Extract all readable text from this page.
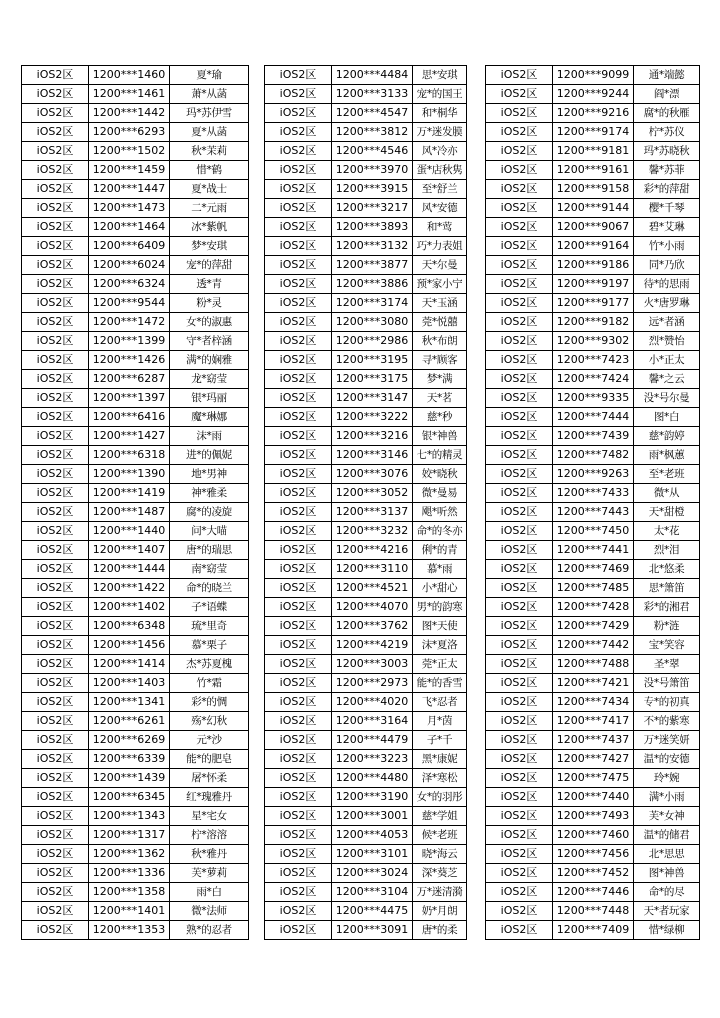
iOS2区	1200***1460	夏*瑜
iOS2区	1200***1461	萧*从菡
iOS2区	1200***1442	玛*苏伊雪
iOS2区	1200***6293	夏*从菡
iOS2区	1200***1502	秋*茉莉
iOS2区	1200***1459	惜*鹤
iOS2区	1200***1447	夏*战士
iOS2区	1200***1473	二*元雨
iOS2区	1200***1464	冰*紫帆
iOS2区	1200***6409	梦*安琪
iOS2区	1200***6024	宠*的萍甜
iOS2区	1200***6324	透*青
iOS2区	1200***9544	粉*灵
iOS2区	1200***1472	女*的淑惠
iOS2区	1200***1399	守*者梓涵
iOS2区	1200***1426	满*的娴雅
iOS2区	1200***6287	龙*窈莹
iOS2区	1200***1397	银*玛丽
iOS2区	1200***6416	魔*琳娜
iOS2区	1200***1427	沫*雨
iOS2区	1200***6318	进*的佩妮
iOS2区	1200***1390	地*男神
iOS2区	1200***1419	神*雅柔
iOS2区	1200***1487	腐*的凌旋
iOS2区	1200***1440	问*大喵
iOS2区	1200***1407	唐*的瑞思
iOS2区	1200***1444	南*窈莹
iOS2区	1200***1422	命*的晓兰
iOS2区	1200***1402	子*语蝶
iOS2区	1200***6348	琉*里奇
iOS2区	1200***1456	慕*栗子
iOS2区	1200***1414	杰*苏夏槐
iOS2区	1200***1403	竹*霜
iOS2区	1200***1341	彩*的惆
iOS2区	1200***6261	殇*幻秋
iOS2区	1200***6269	元*沙
iOS2区	1200***6339	能*的肥皂
iOS2区	1200***1439	屠*怀柔
iOS2区	1200***6345	红*瑰雅丹
iOS2区	1200***1343	星*宅女
iOS2区	1200***1317	柠*溶溶
iOS2区	1200***1362	秋*雅丹
iOS2区	1200***1336	芙*萝莉
iOS2区	1200***1358	雨*白
iOS2区	1200***1401	微*法师
iOS2区	1200***1353	熟*的忍者
iOS2区	1200***4484	思*安琪
iOS2区	1200***3133	宠*的国王
iOS2区	1200***4547	和*桐华
iOS2区	1200***3812	万*迷发膜
iOS2区	1200***4546	风*冷亦
iOS2区	1200***3970	蛋*店秋隽
iOS2区	1200***3915	至*舒兰
iOS2区	1200***3217	风*安德
iOS2区	1200***3893	和*莺
iOS2区	1200***3132	巧*力表姐
iOS2区	1200***3877	天*尔曼
iOS2区	1200***3886	预*家小宁
iOS2区	1200***3174	天*玉涵
iOS2区	1200***3080	莞*悦囍
iOS2区	1200***2986	秋*布朗
iOS2区	1200***3195	寻*顾客
iOS2区	1200***3175	梦*满
iOS2区	1200***3147	天*茗
iOS2区	1200***3222	慈*秒
iOS2区	1200***3216	银*神兽
iOS2区	1200***3146	七*的精灵
iOS2区	1200***3076	姣*晓秋
iOS2区	1200***3052	微*曼易
iOS2区	1200***3137	飓*听然
iOS2区	1200***3232	命*的冬亦
iOS2区	1200***4216	俐*的青
iOS2区	1200***3110	慕*雨
iOS2区	1200***4521	小*甜心
iOS2区	1200***4070	男*的韵寒
iOS2区	1200***3762	图*天使
iOS2区	1200***4219	沫*夏洛
iOS2区	1200***3003	莞*正太
iOS2区	1200***2973	能*的香雪
iOS2区	1200***4020	飞*忍者
iOS2区	1200***3164	月*茵
iOS2区	1200***4479	子*千
iOS2区	1200***3223	黑*康妮
iOS2区	1200***4480	泽*寒松
iOS2区	1200***3190	女*的羽彤
iOS2区	1200***3001	慈*学姐
iOS2区	1200***4053	候*老班
iOS2区	1200***3101	晓*海云
iOS2区	1200***3024	深*葵芝
iOS2区	1200***3104	万*迷清漪
iOS2区	1200***4475	奶*月朗
iOS2区	1200***3091	唐*的柔
iOS2区	1200***9099	通*端懿
iOS2区	1200***9244	阎*漂
iOS2区	1200***9216	腐*的秋雁
iOS2区	1200***9174	柠*苏仪
iOS2区	1200***9181	玛*苏晓秋
iOS2区	1200***9161	馨*苏菲
iOS2区	1200***9158	彩*的萍甜
iOS2区	1200***9144	樱*千琴
iOS2区	1200***9067	碧*艾琳
iOS2区	1200***9164	竹*小雨
iOS2区	1200***9186	同*乃欣
iOS2区	1200***9197	待*的思雨
iOS2区	1200***9177	火*唐罗琳
iOS2区	1200***9182	远*者涵
iOS2区	1200***9302	烈*赞怡
iOS2区	1200***7423	小*正太
iOS2区	1200***7424	馨*之云
iOS2区	1200***9335	没*号尔曼
iOS2区	1200***7444	图*白
iOS2区	1200***7439	慈*韵婷
iOS2区	1200***7482	雨*枫蕙
iOS2区	1200***9263	至*老班
iOS2区	1200***7433	微*从
iOS2区	1200***7443	天*甜橙
iOS2区	1200***7450	太*花
iOS2区	1200***7441	烈*泪
iOS2区	1200***7469	北*悠柔
iOS2区	1200***7485	思*箫笛
iOS2区	1200***7428	彩*的湘君
iOS2区	1200***7429	粉*涟
iOS2区	1200***7442	宝*笑容
iOS2区	1200***7488	圣*翠
iOS2区	1200***7421	没*号箫笛
iOS2区	1200***7434	专*的初真
iOS2区	1200***7417	不*的紫寒
iOS2区	1200***7437	万*迷笑妍
iOS2区	1200***7427	温*的安德
iOS2区	1200***7475	玲*婉
iOS2区	1200***7440	满*小雨
iOS2区	1200***7493	芙*女神
iOS2区	1200***7460	温*的储君
iOS2区	1200***7456	北*思思
iOS2区	1200***7452	图*神兽
iOS2区	1200***7446	命*的尽
iOS2区	1200***7448	天*者玩家
iOS2区	1200***7409	惜*绿柳
